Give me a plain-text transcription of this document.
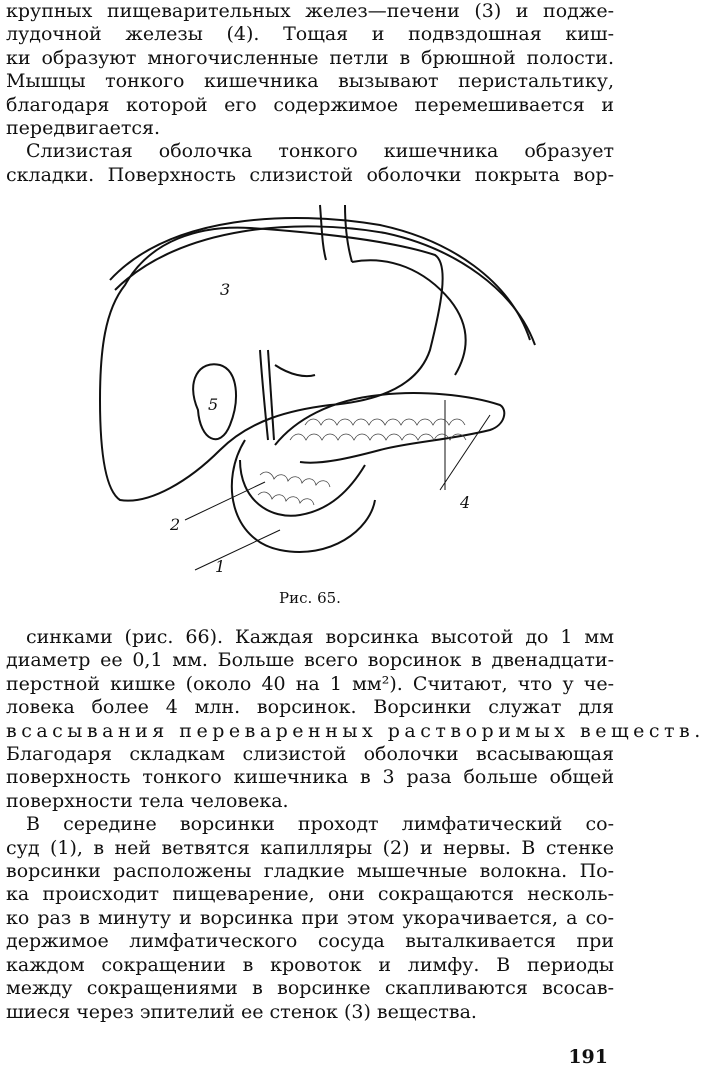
крупных пищеварительных желез—печени (3) и подже-
лудочной железы (4). Тощая и подвздошная киш-
ки образуют многочисленные петли в брюшной полости.
Мышцы тонкого кишечника вызывают перистальтику,
благодаря которой его содержимое перемешивается и
передвигается.
Слизистая оболочка тонкого кишечника образует
складки. Поверхность слизистой оболочки покрыта вор-
3
5
2
4
1
Рис. 65.
синками (рис. 66). Каждая ворсинка высотой до 1 мм
диаметр ее 0,1 мм. Больше всего ворсинок в двенадцати-
перстной кишке (около 40 на 1 мм²). Считают, что у че-
ловека более 4 млн. ворсинок. Ворсинки служат для
всасывания переваренных растворимых веществ.
Благодаря складкам слизистой оболочки всасывающая
поверхность тонкого кишечника в 3 раза больше общей
поверхности тела человека.
В середине ворсинки проходт лимфатический со-
суд (1), в ней ветвятся капилляры (2) и нервы. В стенке
ворсинки расположены гладкие мышечные волокна. По-
ка происходит пищеварение, они сокращаются несколь-
ко раз в минуту и ворсинка при этом укорачивается, а со-
держимое лимфатического сосуда выталкивается при
каждом сокращении в кровоток и лимфу. В периоды
между сокращениями в ворсинке скапливаются всосав-
шиеся через эпителий ее стенок (3) вещества.
191
